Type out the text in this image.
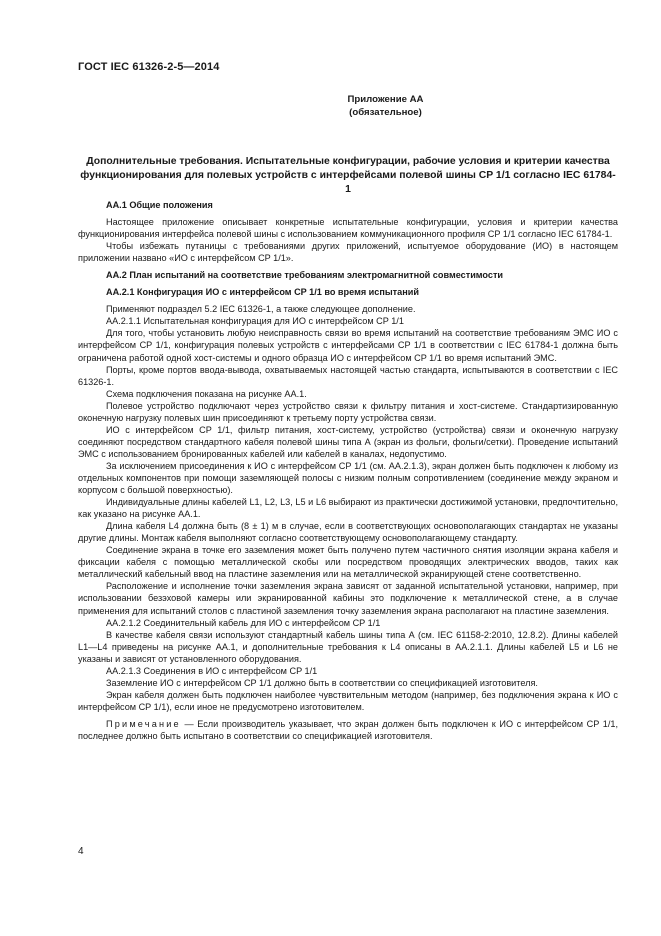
ГОСТ IEC 61326-2-5—2014
Приложение АА
(обязательное)
Дополнительные требования. Испытательные конфигурации, рабочие условия и критерии качества функционирования для полевых устройств с интерфейсами полевой шины CP 1/1 согласно IEC 61784-1
АА.1 Общие положения

Настоящее приложение описывает конкретные испытательные конфигурации, условия и критерии качества функционирования интерфейса полевой шины с использованием коммуникационного профиля CP 1/1 согласно IEC 61784-1.

Чтобы избежать путаницы с требованиями других приложений, испытуемое оборудование (ИО) в настоящем приложении названо «ИО с интерфейсом CP 1/1».

АА.2 План испытаний на соответствие требованиям электромагнитной совместимости
АА.2.1 Конфигурация ИО с интерфейсом CP 1/1 во время испытаний

Применяют подраздел 5.2 IEC 61326-1, а также следующее дополнение.

АА.2.1.1 Испытательная конфигурация для ИО с интерфейсом CP 1/1

Для того, чтобы установить любую неисправность связи во время испытаний на соответствие требованиям ЭМС ИО с интерфейсом CP 1/1, конфигурация полевых устройств с интерфейсами CP 1/1 в соответствии с IEC 61784-1 должна быть ограничена работой одной хост-системы и одного образца ИО с интерфейсом CP 1/1 во время испытаний ЭМС.

Порты, кроме портов ввода-вывода, охватываемых настоящей частью стандарта, испытываются в соответствии с IEC 61326-1.

Схема подключения показана на рисунке АА.1.

Полевое устройство подключают через устройство связи к фильтру питания и хост-системе. Стандартизированную оконечную нагрузку полевых шин присоединяют к третьему порту устройства связи.

ИО с интерфейсом CP 1/1, фильтр питания, хост-систему, устройство (устройства) связи и оконечную нагрузку соединяют посредством стандартного кабеля полевой шины типа А (экран из фольги, фольги/сетки). Проведение испытаний ЭМС с использованием бронированных кабелей или кабелей в каналах, недопустимо.

За исключением присоединения к ИО с интерфейсом CP 1/1 (см. АА.2.1.3), экран должен быть подключен к любому из отдельных компонентов при помощи заземляющей полосы с низким полным сопротивлением (соединение между экраном и корпусом с большой поверхностью).

Индивидуальные длины кабелей L1, L2, L3, L5 и L6 выбирают из практически достижимой установки, предпочтительно, как указано на рисунке АА.1.

Длина кабеля L4 должна быть (8 ± 1) м в случае, если в соответствующих основополагающих стандартах не указаны другие длины. Монтаж кабеля выполняют согласно соответствующему основополагающему стандарту.

Соединение экрана в точке его заземления может быть получено путем частичного снятия изоляции экрана кабеля и фиксации кабеля с помощью металлической скобы или посредством проводящих электрических вводов, таких как металлический кабельный ввод на пластине заземления или на металлической экранирующей стене соответственно.

Расположение и исполнение точки заземления экрана зависят от заданной испытательной установки, например, при использовании безэховой камеры или экранированной кабины это подключение к металлической стене, а в случае применения для испытаний столов с пластиной заземления точку заземления экрана располагают на пластине заземления.

АА.2.1.2 Соединительный кабель для ИО с интерфейсом CP 1/1

В качестве кабеля связи используют стандартный кабель шины типа А (см. IEC 61158-2:2010, 12.8.2). Длины кабелей L1—L4 приведены на рисунке АА.1, и дополнительные требования к L4 описаны в АА.2.1.1. Длины кабелей L5 и L6 не указаны и зависят от установленного оборудования.

АА.2.1.3 Соединения в ИО с интерфейсом CP 1/1

Заземление ИО с интерфейсом CP 1/1 должно быть в соответствии со спецификацией изготовителя.

Экран кабеля должен быть подключен наиболее чувствительным методом (например, без подключения экрана к ИО с интерфейсом CP 1/1), если иное не предусмотрено изготовителем.

Примечание — Если производитель указывает, что экран должен быть подключен к ИО с интерфейсом CP 1/1, последнее должно быть испытано в соответствии со спецификацией изготовителя.

4
